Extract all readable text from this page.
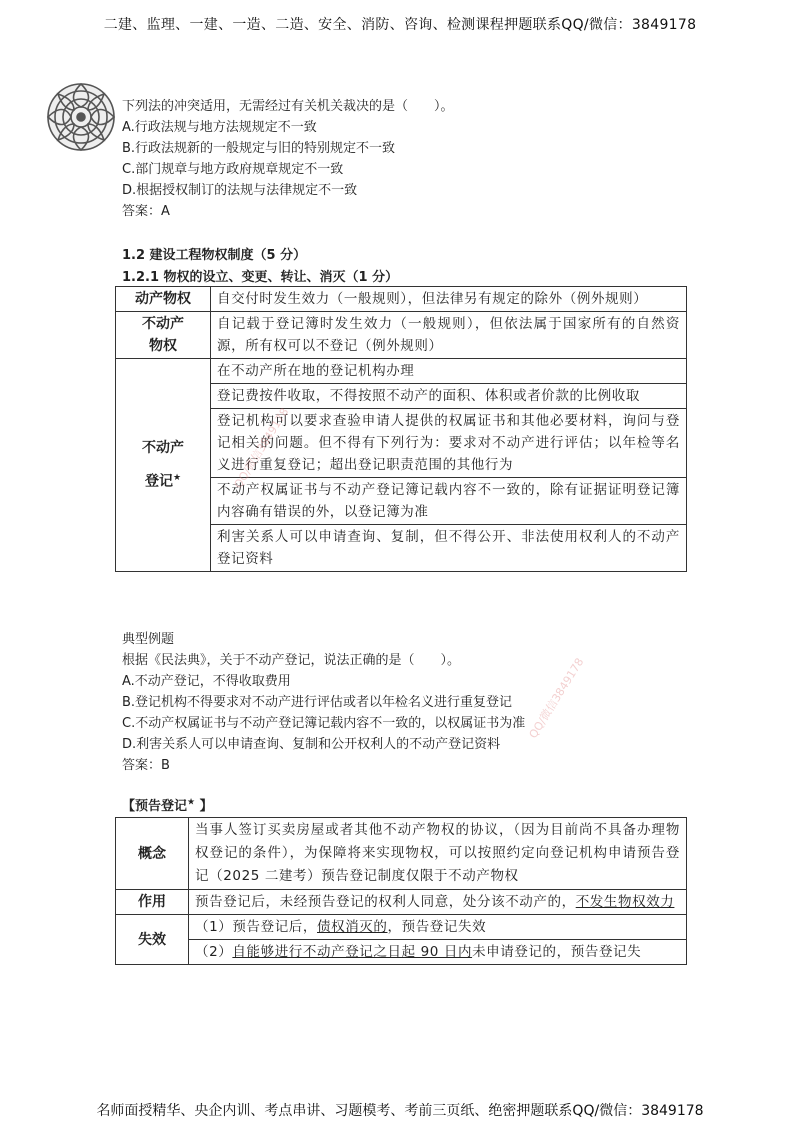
二建、监理、一建、一造、二造、安全、消防、咨询、检测课程押题联系QQ/微信：3849178
下列法的冲突适用，无需经过有关机关裁决的是（　　）。
A.行政法规与地方法规规定不一致
B.行政法规新的一般规定与旧的特别规定不一致
C.部门规章与地方政府规章规定不一致
D.根据授权制订的法规与法律规定不一致
答案：A
1.2 建设工程物权制度（5 分）
1.2.1 物权的设立、变更、转让、消灭（1 分）
动产物权	自交付时发生效力（一般规则），但法律另有规定的除外（例外规则）

不动产
物权	自记载于登记簿时发生效力（一般规则），但依法属于国家所有的自然资源，所有权可以不登记（例外规则）

不动产
登记★	在不动产所在地的登记机构办理
	登记费按件收取，不得按照不动产的面积、体积或者价款的比例收取
	登记机构可以要求查验申请人提供的权属证书和其他必要材料，询问与登记相关的问题。但不得有下列行为：要求对不动产进行评估；以年检等名义进行重复登记；超出登记职责范围的其他行为
	不动产权属证书与不动产登记簿记载内容不一致的，除有证据证明登记簿内容确有错误的外，以登记簿为准
	利害关系人可以申请查询、复制，但不得公开、非法使用权利人的不动产登记资料
典型例题
根据《民法典》，关于不动产登记，说法正确的是（　　）。
A.不动产登记，不得收取费用
B.登记机构不得要求对不动产进行评估或者以年检名义进行重复登记
C.不动产权属证书与不动产登记簿记载内容不一致的，以权属证书为准
D.利害关系人可以申请查询、复制和公开权利人的不动产登记资料
答案：B
【预告登记★ 】
概念	当事人签订买卖房屋或者其他不动产物权的协议，（因为目前尚不具备办理物权登记的条件），为保障将来实现物权，可以按照约定向登记机构申请预告登记（2025 二建考）预告登记制度仅限于不动产物权
作用	预告登记后，未经预告登记的权利人同意，处分该不动产的，不发生物权效力
失效	（1）预告登记后，债权消灭的，预告登记失效
	（2）自能够进行不动产登记之日起 90 日内未申请登记的，预告登记失
QQ/微信3849178
QQ/微信3849178
名师面授精华、央企内训、考点串讲、习题模考、考前三页纸、绝密押题联系QQ/微信：3849178
